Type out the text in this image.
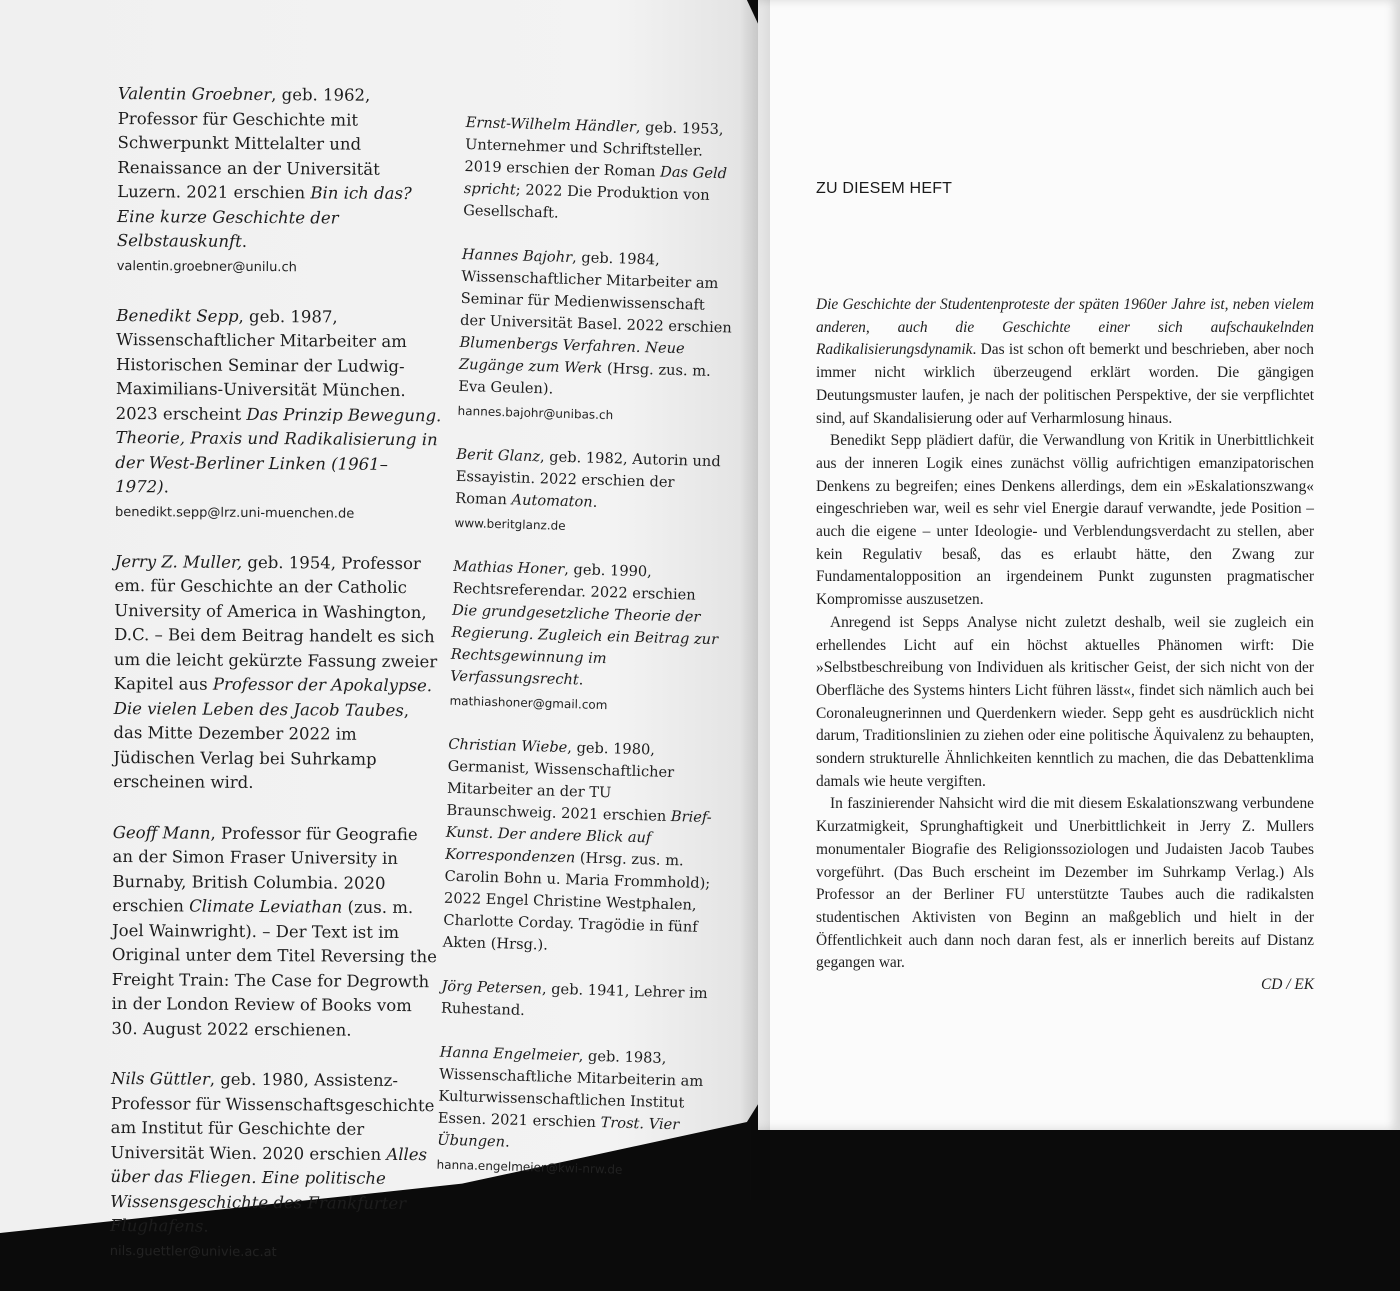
Valentin Groebner, geb. 1962, Professor für Geschichte mit Schwerpunkt Mittelalter und Renaissance an der Universität Luzern. 2021 erschien Bin ich das? Eine kurze Geschichte der Selbstauskunft.
valentin.groebner@unilu.ch
Benedikt Sepp, geb. 1987, Wissenschaftlicher Mitarbeiter am Historischen Seminar der Ludwig-Maximilians-Universität München. 2023 erscheint Das Prinzip Bewegung. Theorie, Praxis und Radikalisierung in der West-Berliner Linken (1961–1972).
benedikt.sepp@lrz.uni-muenchen.de
Jerry Z. Muller, geb. 1954, Professor em. für Geschichte an der Catholic University of America in Washington, D.C. – Bei dem Beitrag handelt es sich um die leicht gekürzte Fassung zweier Kapitel aus Professor der Apokalypse. Die vielen Leben des Jacob Taubes, das Mitte Dezember 2022 im Jüdischen Verlag bei Suhrkamp erscheinen wird.
Geoff Mann, Professor für Geografie an der Simon Fraser University in Burnaby, British Columbia. 2020 erschien Climate Leviathan (zus. m. Joel Wainwright). – Der Text ist im Original unter dem Titel Reversing the Freight Train: The Case for Degrowth in der London Review of Books vom 30. August 2022 erschienen.
Nils Güttler, geb. 1980, Assistenz-Professor für Wissenschaftsgeschichte am Institut für Geschichte der Universität Wien. 2020 erschien Alles über das Fliegen. Eine politische Wissensgeschichte des Frankfurter Flughafens.
nils.guettler@univie.ac.at
Ernst-Wilhelm Händler, geb. 1953, Unternehmer und Schriftsteller. 2019 erschien der Roman Das Geld spricht; 2022 Die Produktion von Gesellschaft.
Hannes Bajohr, geb. 1984, Wissenschaftlicher Mitarbeiter am Seminar für Medienwissenschaft der Universität Basel. 2022 erschien Blumenbergs Verfahren. Neue Zugänge zum Werk (Hrsg. zus. m. Eva Geulen).
hannes.bajohr@unibas.ch
Berit Glanz, geb. 1982, Autorin und Essayistin. 2022 erschien der Roman Automaton.
www.beritglanz.de
Mathias Honer, geb. 1990, Rechtsreferendar. 2022 erschien Die grundgesetzliche Theorie der Regierung. Zugleich ein Beitrag zur Rechtsgewinnung im Verfassungsrecht.
mathiashoner@gmail.com
Christian Wiebe, geb. 1980, Germanist, Wissenschaftlicher Mitarbeiter an der TU Braunschweig. 2021 erschien Brief-Kunst. Der andere Blick auf Korrespondenzen (Hrsg. zus. m. Carolin Bohn u. Maria Frommhold); 2022 Engel Christine Westphalen, Charlotte Corday. Tragödie in fünf Akten (Hrsg.).
Jörg Petersen, geb. 1941, Lehrer im Ruhestand.
Hanna Engelmeier, geb. 1983, Wissenschaftliche Mitarbeiterin am Kulturwissenschaftlichen Institut Essen. 2021 erschien Trost. Vier Übungen.
hanna.engelmeier@kwi-nrw.de
ZU DIESEM HEFT

Die Geschichte der Studentenproteste der späten 1960er Jahre ist, neben vielem anderen, auch die Geschichte einer sich aufschaukelnden Radikalisierungsdynamik. Das ist schon oft bemerkt und beschrieben, aber noch immer nicht wirklich überzeugend erklärt worden. Die gängigen Deutungsmuster laufen, je nach der politischen Perspektive, der sie verpflichtet sind, auf Skandalisierung oder auf Verharmlosung hinaus.

Benedikt Sepp plädiert dafür, die Verwandlung von Kritik in Unerbittlichkeit aus der inneren Logik eines zunächst völlig aufrichtigen emanzipatorischen Denkens zu begreifen; eines Denkens allerdings, dem ein »Eskalationszwang« eingeschrieben war, weil es sehr viel Energie darauf verwandte, jede Position – auch die eigene – unter Ideologie- und Verblendungsverdacht zu stellen, aber kein Regulativ besaß, das es erlaubt hätte, den Zwang zur Fundamentalopposition an irgendeinem Punkt zugunsten pragmatischer Kompromisse auszusetzen.

Anregend ist Sepps Analyse nicht zuletzt deshalb, weil sie zugleich ein erhellendes Licht auf ein höchst aktuelles Phänomen wirft: Die »Selbstbeschreibung von Individuen als kritischer Geist, der sich nicht von der Oberfläche des Systems hinters Licht führen lässt«, findet sich nämlich auch bei Coronaleugnerinnen und Querdenkern wieder. Sepp geht es ausdrücklich nicht darum, Traditionslinien zu ziehen oder eine politische Äquivalenz zu behaupten, sondern strukturelle Ähnlichkeiten kenntlich zu machen, die das Debattenklima damals wie heute vergiften.

In faszinierender Nahsicht wird die mit diesem Eskalationszwang verbundene Kurzatmigkeit, Sprunghaftigkeit und Unerbittlichkeit in Jerry Z. Mullers monumentaler Biografie des Religionssoziologen und Judaisten Jacob Taubes vorgeführt. (Das Buch erscheint im Dezember im Suhrkamp Verlag.) Als Professor an der Berliner FU unterstützte Taubes auch die radikalsten studentischen Aktivisten von Beginn an maßgeblich und hielt in der Öffentlichkeit auch dann noch daran fest, als er innerlich bereits auf Distanz gegangen war.

CD / EK
